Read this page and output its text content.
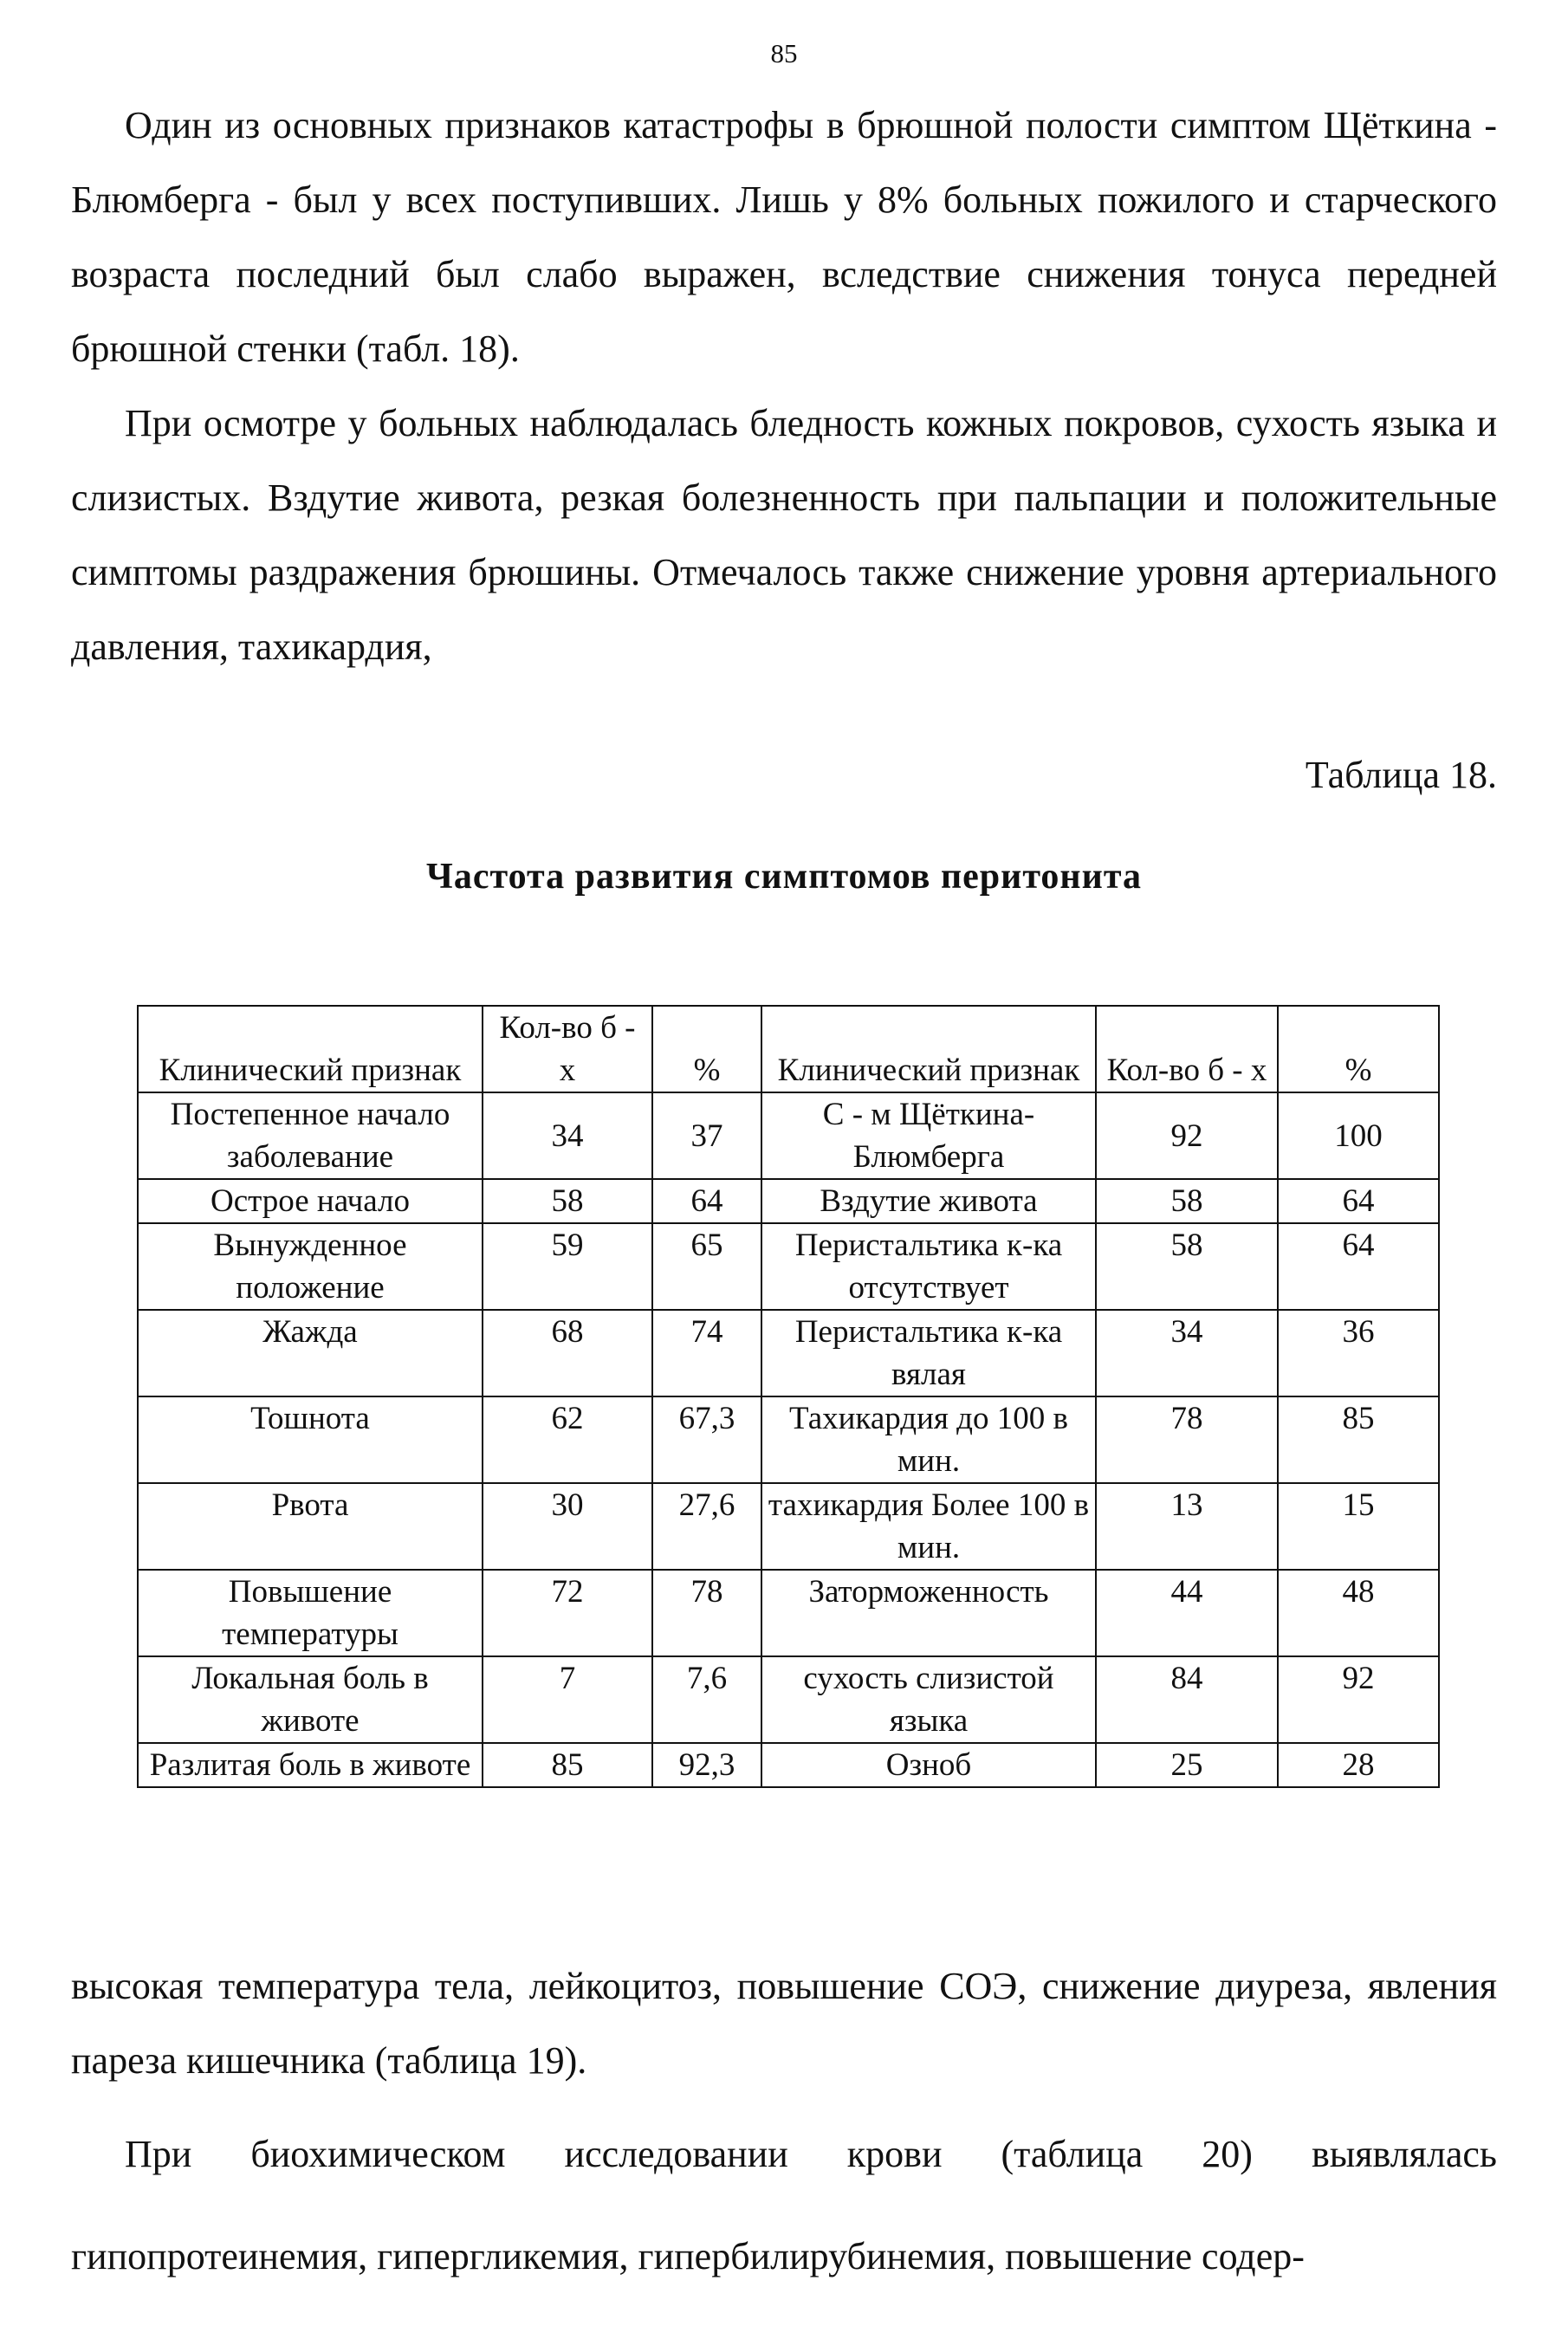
85

Один из основных признаков катастрофы в брюшной полости симптом Щёткина - Блюмберга - был у всех поступивших. Лишь у 8% больных пожилого и старческого возраста последний был слабо выражен, вследствие снижения тонуса передней брюшной стенки (табл. 18).

При осмотре у больных наблюдалась бледность кожных покровов, сухость языка и слизистых. Вздутие живота, резкая болезненность при пальпации и положительные симптомы раздражения брюшины. Отмечалось также снижение уровня артериального давления, тахикардия,

Таблица 18.
Частота развития симптомов перитонита
Клинический признак	Кол-во б - х	%	Клинический признак	Кол-во б - х	%
Постепенное начало заболевание	34	37	С - м Щёткина-Блюмберга	92	100
Острое начало	58	64	Вздутие живота	58	64
Вынужденное положение	59	65	Перистальтика к-ка отсутствует	58	64
Жажда	68	74	Перистальтика к-ка вялая	34	36
Тошнота	62	67,3	Тахикардия до 100 в мин.	78	85
Рвота	30	27,6	тахикардия Более 100 в мин.	13	15
Повышение температуры	72	78	Заторможенность	44	48
Локальная боль в животе	7	7,6	сухость слизистой языка	84	92
Разлитая боль в животе	85	92,3	Озноб	25	28

высокая температура тела, лейкоцитоз, повышение СОЭ, снижение диуреза, явления пареза кишечника (таблица 19).

При биохимическом исследовании крови (таблица 20) выявлялась гипопротеинемия, гипергликемия, гипербилирубинемия, повышение содер-
